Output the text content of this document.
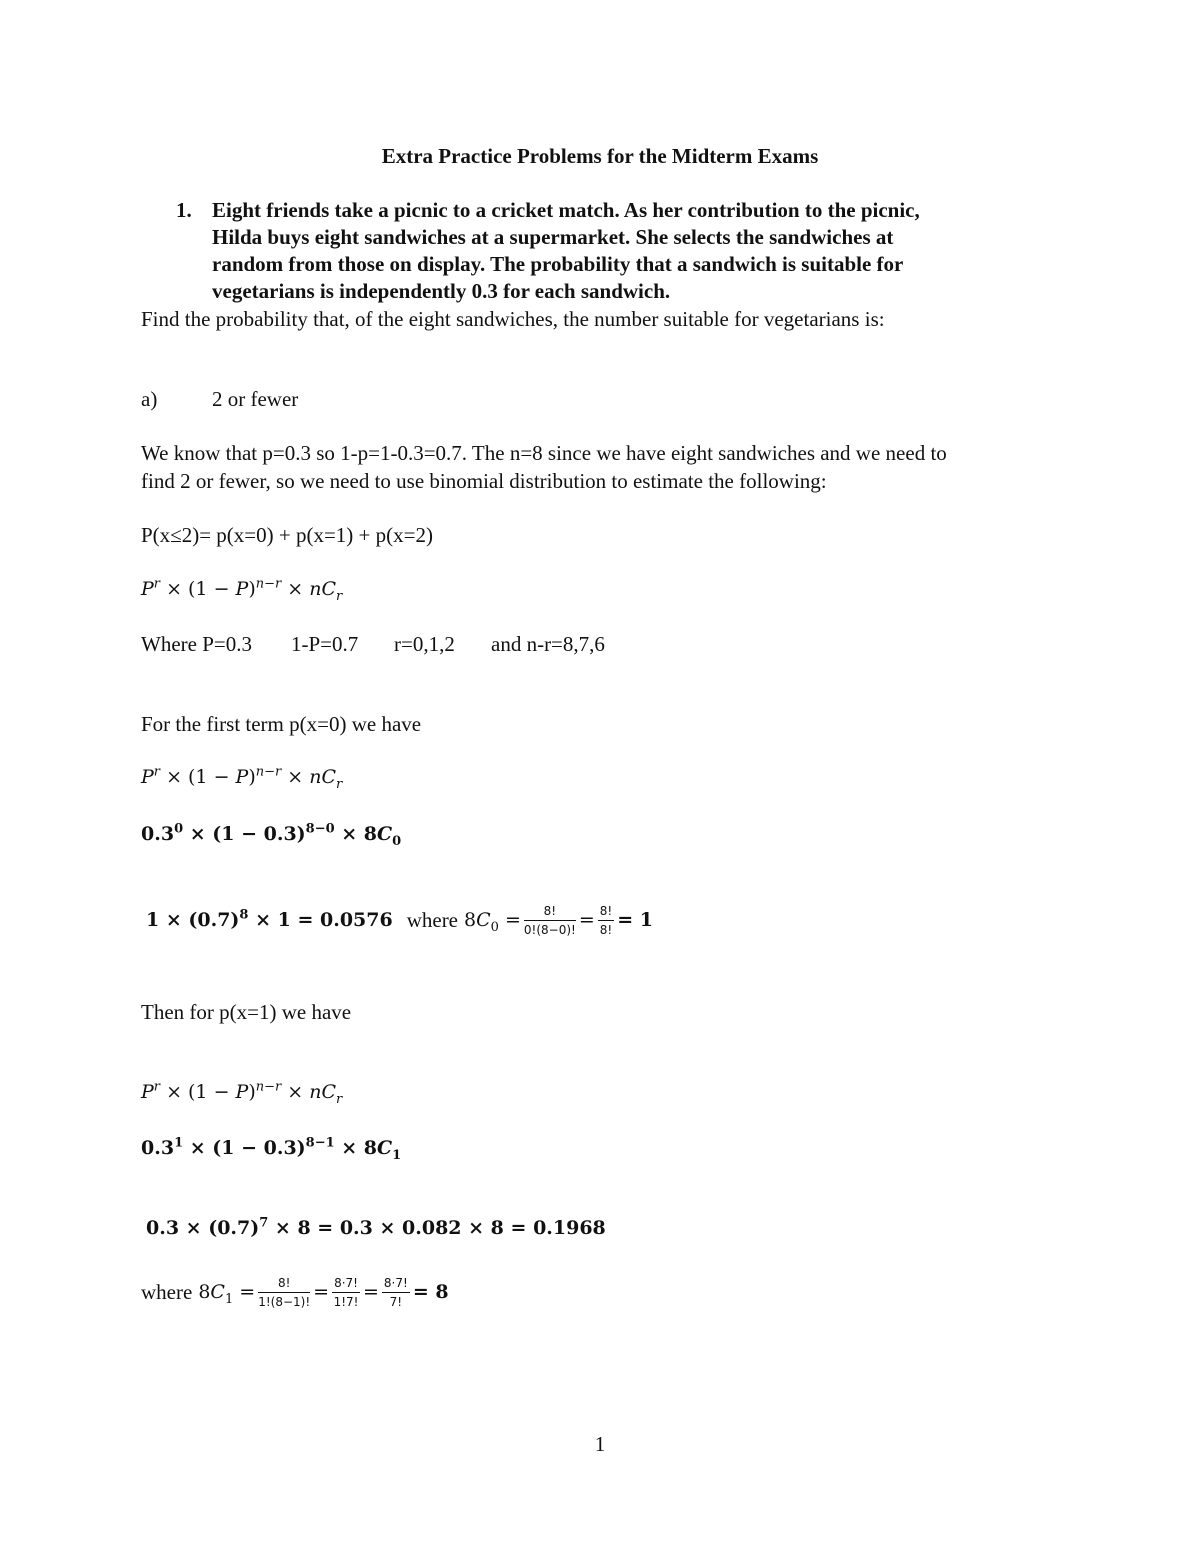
Extra Practice Problems for the Midterm Exams
1. Eight friends take a picnic to a cricket match. As her contribution to the picnic,
Hilda buys eight sandwiches at a supermarket. She selects the sandwiches at
random from those on display. The probability that a sandwich is suitable for
vegetarians is independently 0.3 for each sandwich.
Find the probability that, of the eight sandwiches, the number suitable for vegetarians is:
a)	2 or fewer
We know that p=0.3 so 1-p=1-0.3=0.7. The n=8 since we have eight sandwiches and we need to
find 2 or fewer, so we need to use binomial distribution to estimate the following:
P(x≤2)= p(x=0) + p(x=1) + p(x=2)
$P^r \times (1 - P)^{n-r} \times nC_r$
Where P=0.3 1-P=0.7 r=0,1,2 and n-r=8,7,6
For the first term p(x=0) we have
$P^r \times (1 - P)^{n-r} \times nC_r$
$0.3^0 \times (1 - 0.3)^{8-0} \times 8C_0$
$1 \times (0.7)^8 \times 1 = 0.0576$ where $8C_0 = \frac{8!}{0!(8-0)!} = \frac{8!}{8!} = 1$
Then for p(x=1) we have
$P^r \times (1 - P)^{n-r} \times nC_r$
$0.3^1 \times (1 - 0.3)^{8-1} \times 8C_1$
$0.3 \times (0.7)^7 \times 8 = 0.3 \times 0.082 \times 8 = 0.1968$
where $8C_1 = \frac{8!}{1!(8-1)!} = \frac{8\cdot 7!}{1!7!} = \frac{8\cdot 7!}{7!} = 8$
1
